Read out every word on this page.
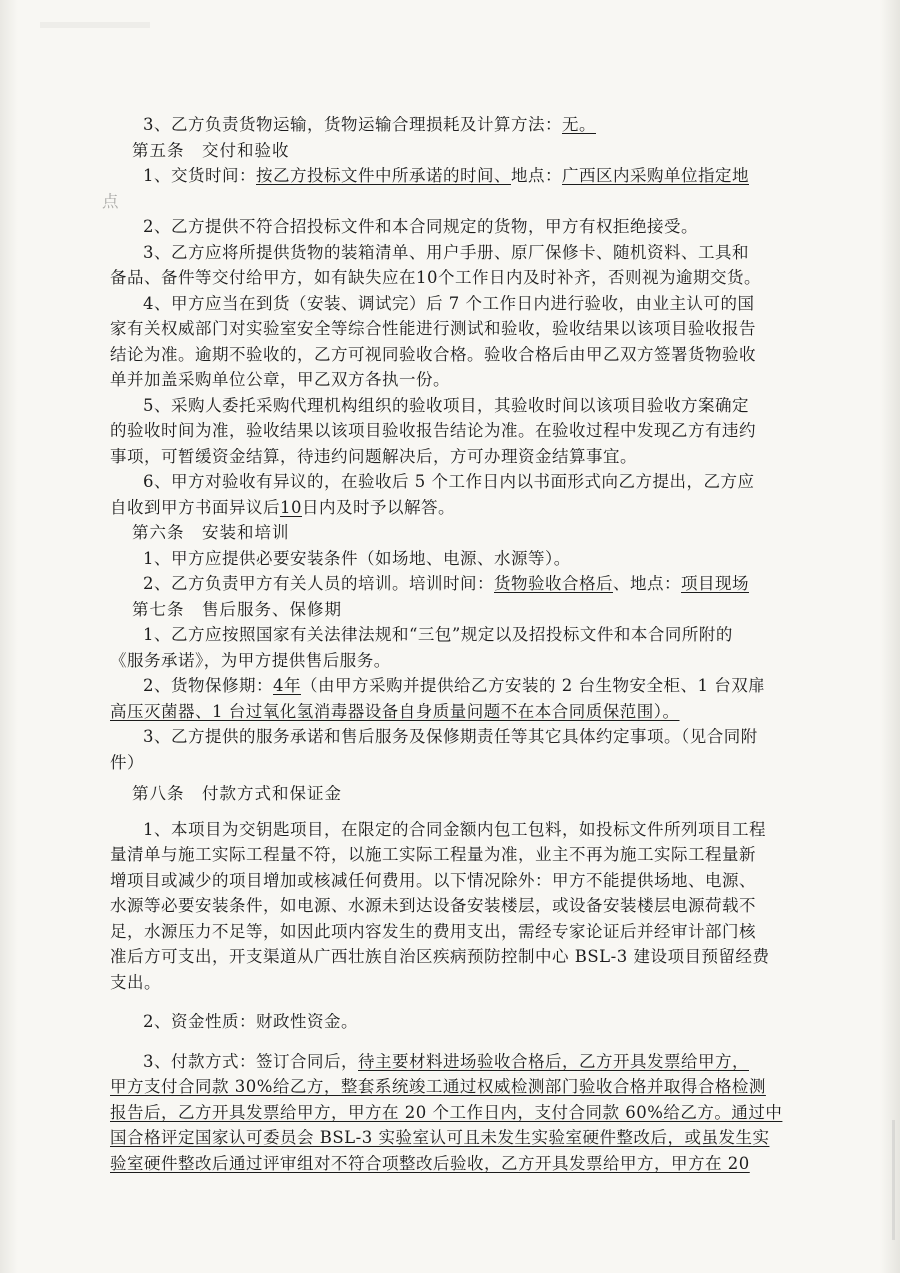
3、乙方负责货物运输，货物运输合理损耗及计算方法：无。
第五条　交付和验收
1、交货时间：按乙方投标文件中所承诺的时间、地点：广西区内采购单位指定地
点
2、乙方提供不符合招投标文件和本合同规定的货物，甲方有权拒绝接受。
3、乙方应将所提供货物的装箱清单、用户手册、原厂保修卡、随机资料、工具和
备品、备件等交付给甲方，如有缺失应在10个工作日内及时补齐，否则视为逾期交货。
4、甲方应当在到货（安装、调试完）后 7 个工作日内进行验收，由业主认可的国
家有关权威部门对实验室安全等综合性能进行测试和验收，验收结果以该项目验收报告
结论为准。逾期不验收的，乙方可视同验收合格。验收合格后由甲乙双方签署货物验收
单并加盖采购单位公章，甲乙双方各执一份。
5、采购人委托采购代理机构组织的验收项目，其验收时间以该项目验收方案确定
的验收时间为准，验收结果以该项目验收报告结论为准。在验收过程中发现乙方有违约
事项，可暂缓资金结算，待违约问题解决后，方可办理资金结算事宜。
6、甲方对验收有异议的，在验收后 5 个工作日内以书面形式向乙方提出，乙方应
自收到甲方书面异议后10日内及时予以解答。
第六条　安装和培训
1、甲方应提供必要安装条件（如场地、电源、水源等）。
2、乙方负责甲方有关人员的培训。培训时间：货物验收合格后、地点：项目现场
第七条　售后服务、保修期
1、乙方应按照国家有关法律法规和“三包”规定以及招投标文件和本合同所附的
《服务承诺》，为甲方提供售后服务。
2、货物保修期：4年（由甲方采购并提供给乙方安装的 2 台生物安全柜、1 台双扉
高压灭菌器、1 台过氧化氢消毒器设备自身质量问题不在本合同质保范围）。
3、乙方提供的服务承诺和售后服务及保修期责任等其它具体约定事项。（见合同附
件）
第八条　付款方式和保证金
1、本项目为交钥匙项目，在限定的合同金额内包工包料，如投标文件所列项目工程
量清单与施工实际工程量不符，以施工实际工程量为准，业主不再为施工实际工程量新
增项目或减少的项目增加或核减任何费用。以下情况除外：甲方不能提供场地、电源、
水源等必要安装条件，如电源、水源未到达设备安装楼层，或设备安装楼层电源荷载不
足，水源压力不足等，如因此项内容发生的费用支出，需经专家论证后并经审计部门核
准后方可支出，开支渠道从广西壮族自治区疾病预防控制中心 BSL-3 建设项目预留经费
支出。
2、资金性质：财政性资金。
3、付款方式：签订合同后，待主要材料进场验收合格后，乙方开具发票给甲方，
甲方支付合同款 30%给乙方，整套系统竣工通过权威检测部门验收合格并取得合格检测
报告后，乙方开具发票给甲方，甲方在 20 个工作日内，支付合同款 60%给乙方。通过中
国合格评定国家认可委员会 BSL-3 实验室认可且未发生实验室硬件整改后，或虽发生实
验室硬件整改后通过评审组对不符合项整改后验收，乙方开具发票给甲方，甲方在 20
